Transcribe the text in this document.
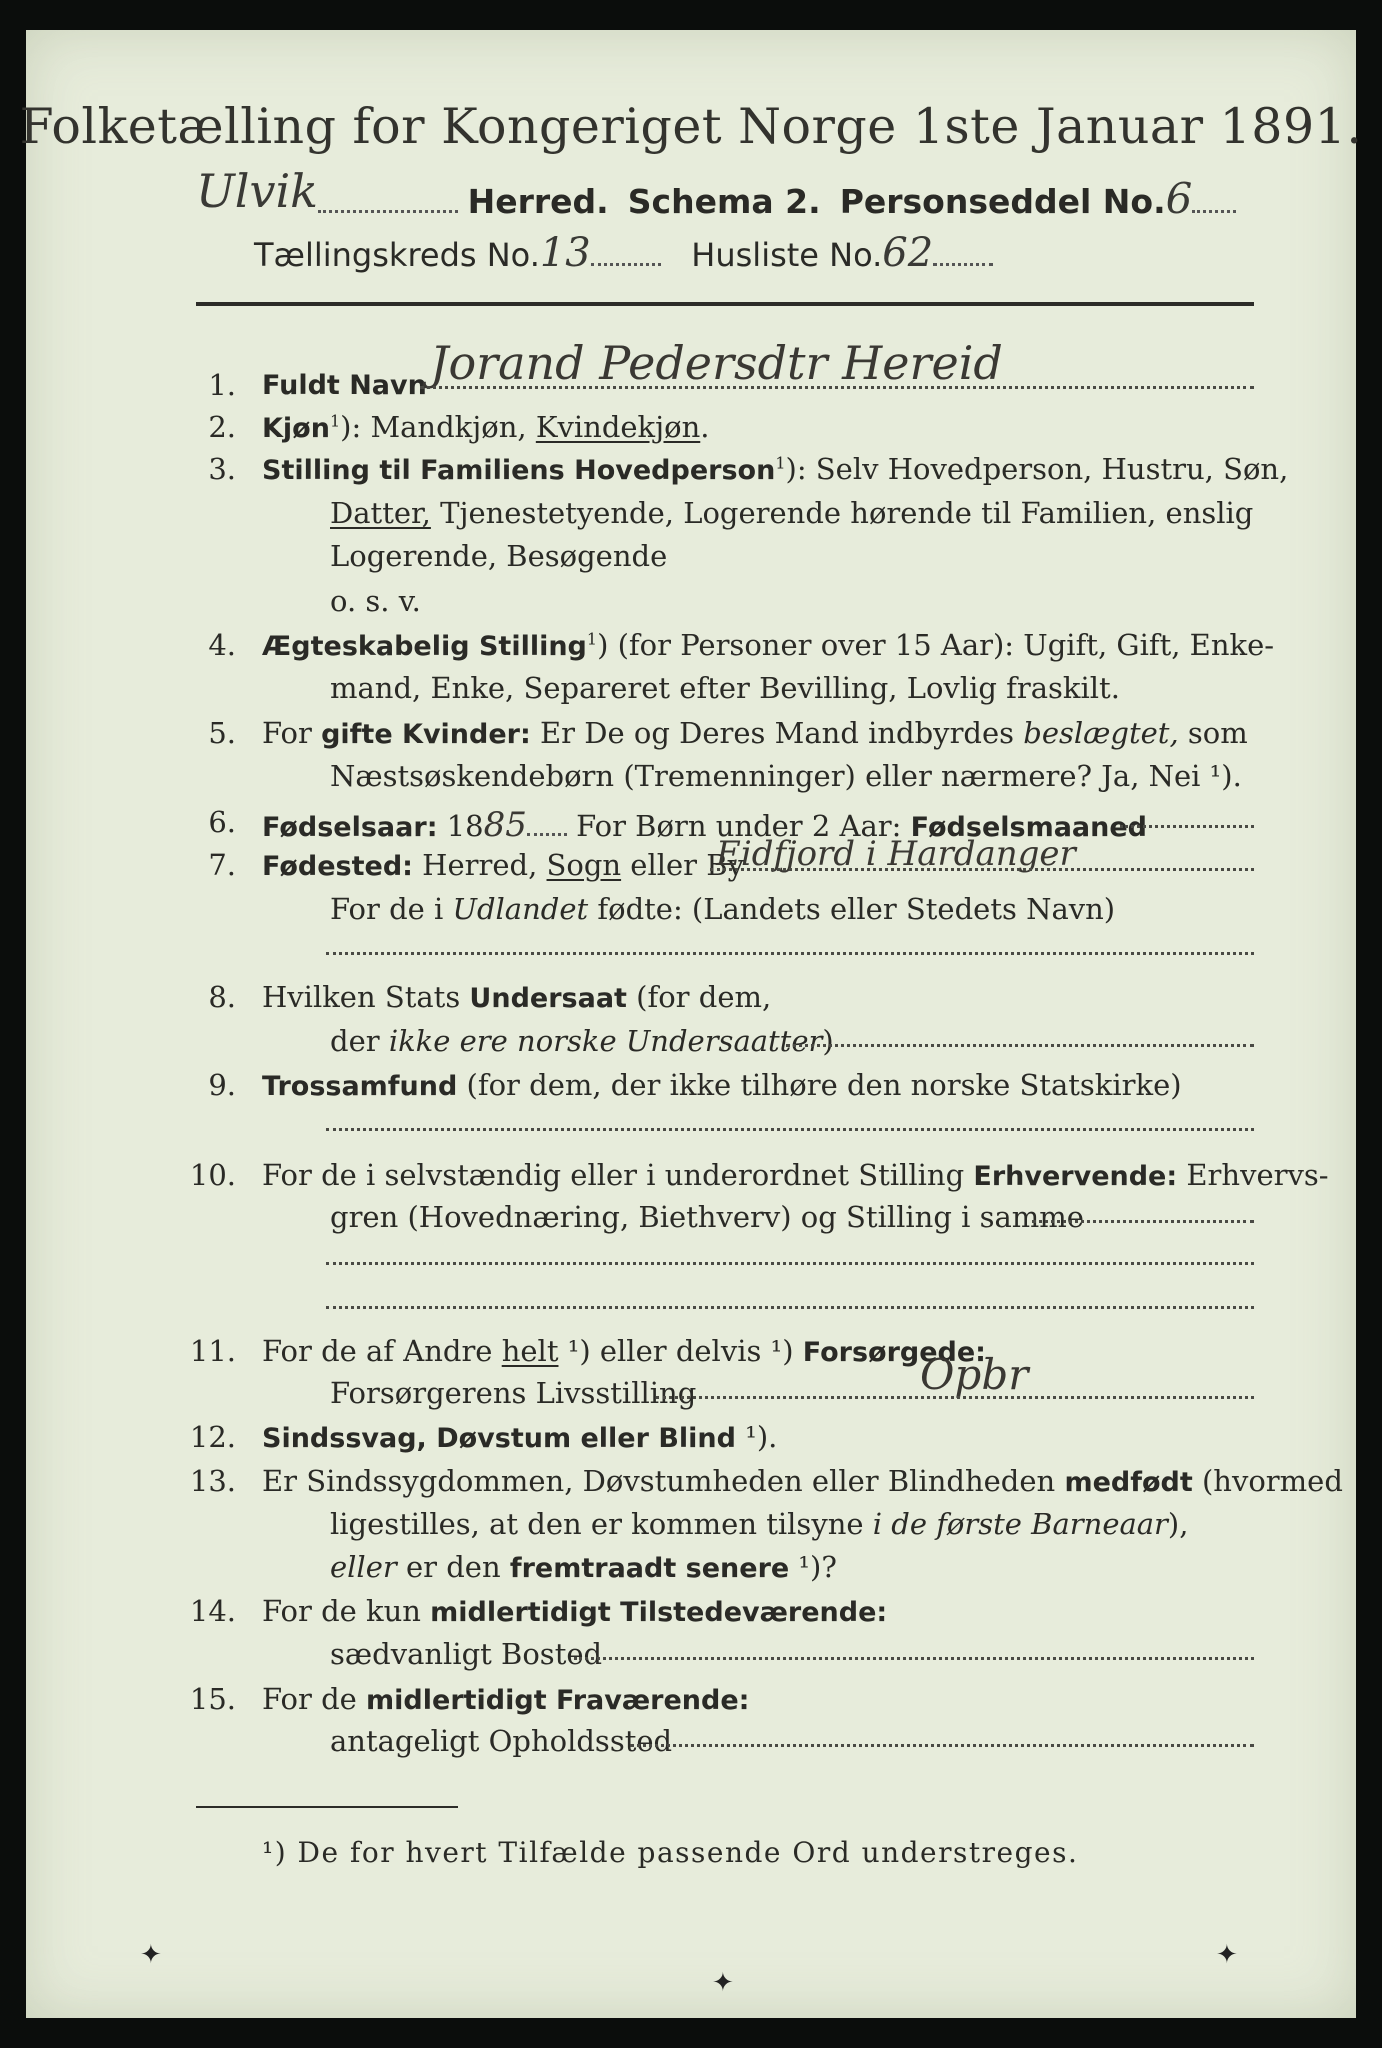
Folketælling for Kongeriget Norge 1ste Januar 1891.
Ulvik	Herred. Schema 2. Personseddel No.6
Tællingskreds No.13	Husliste No.62
1. Fuldt Navn Jorand Pedersdtr Hereid
2. Kjøn$^1$): Mandkjøn, Kvindekjøn.
3. Stilling til Familiens Hovedperson$^1$): Selv Hovedperson, Hustru, Søn,
Datter, Tjenestetyende, Logerende hørende til Familien, enslig
Logerende, Besøgende
o. s. v.
4. Ægteskabelig Stilling$^1$) (for Personer over 15 Aar): Ugift, Gift, Enke-
mand, Enke, Separeret efter Bevilling, Lovlig fraskilt.
5. For gifte Kvinder: Er De og Deres Mand indbyrdes beslægtet, som
Næstsøskendebørn (Tremenninger) eller nærmere? Ja, Nei ¹).
6. Fødselsaar: 1885 For Børn under 2 Aar: Fødselsmaaned
7. Fødested: Herred, Sogn eller By
Eidfjord i Hardanger
For de i Udlandet fødte: (Landets eller Stedets Navn)
8. Hvilken Stats Undersaat (for dem,
der ikke ere norske Undersaatter)
9. Trossamfund (for dem, der ikke tilhøre den norske Statskirke)
10. For de i selvstændig eller i underordnet Stilling Erhvervende: Erhvervs-
gren (Hovednæring, Biethverv) og Stilling i samme
11. For de af Andre helt ¹) eller delvis ¹) Forsørgede:
Forsørgerens Livsstilling	Opbr
12. Sindssvag, Døvstum eller Blind ¹).
13. Er Sindssygdommen, Døvstumheden eller Blindheden medfødt (hvormed
ligestilles, at den er kommen tilsyne i de første Barneaar),
eller er den fremtraadt senere ¹)?
14. For de kun midlertidigt Tilstedeværende:
sædvanligt Bosted
15. For de midlertidigt Fraværende:
antageligt Opholdssted
¹) De for hvert Tilfælde passende Ord understreges.
✦
✦
✦
